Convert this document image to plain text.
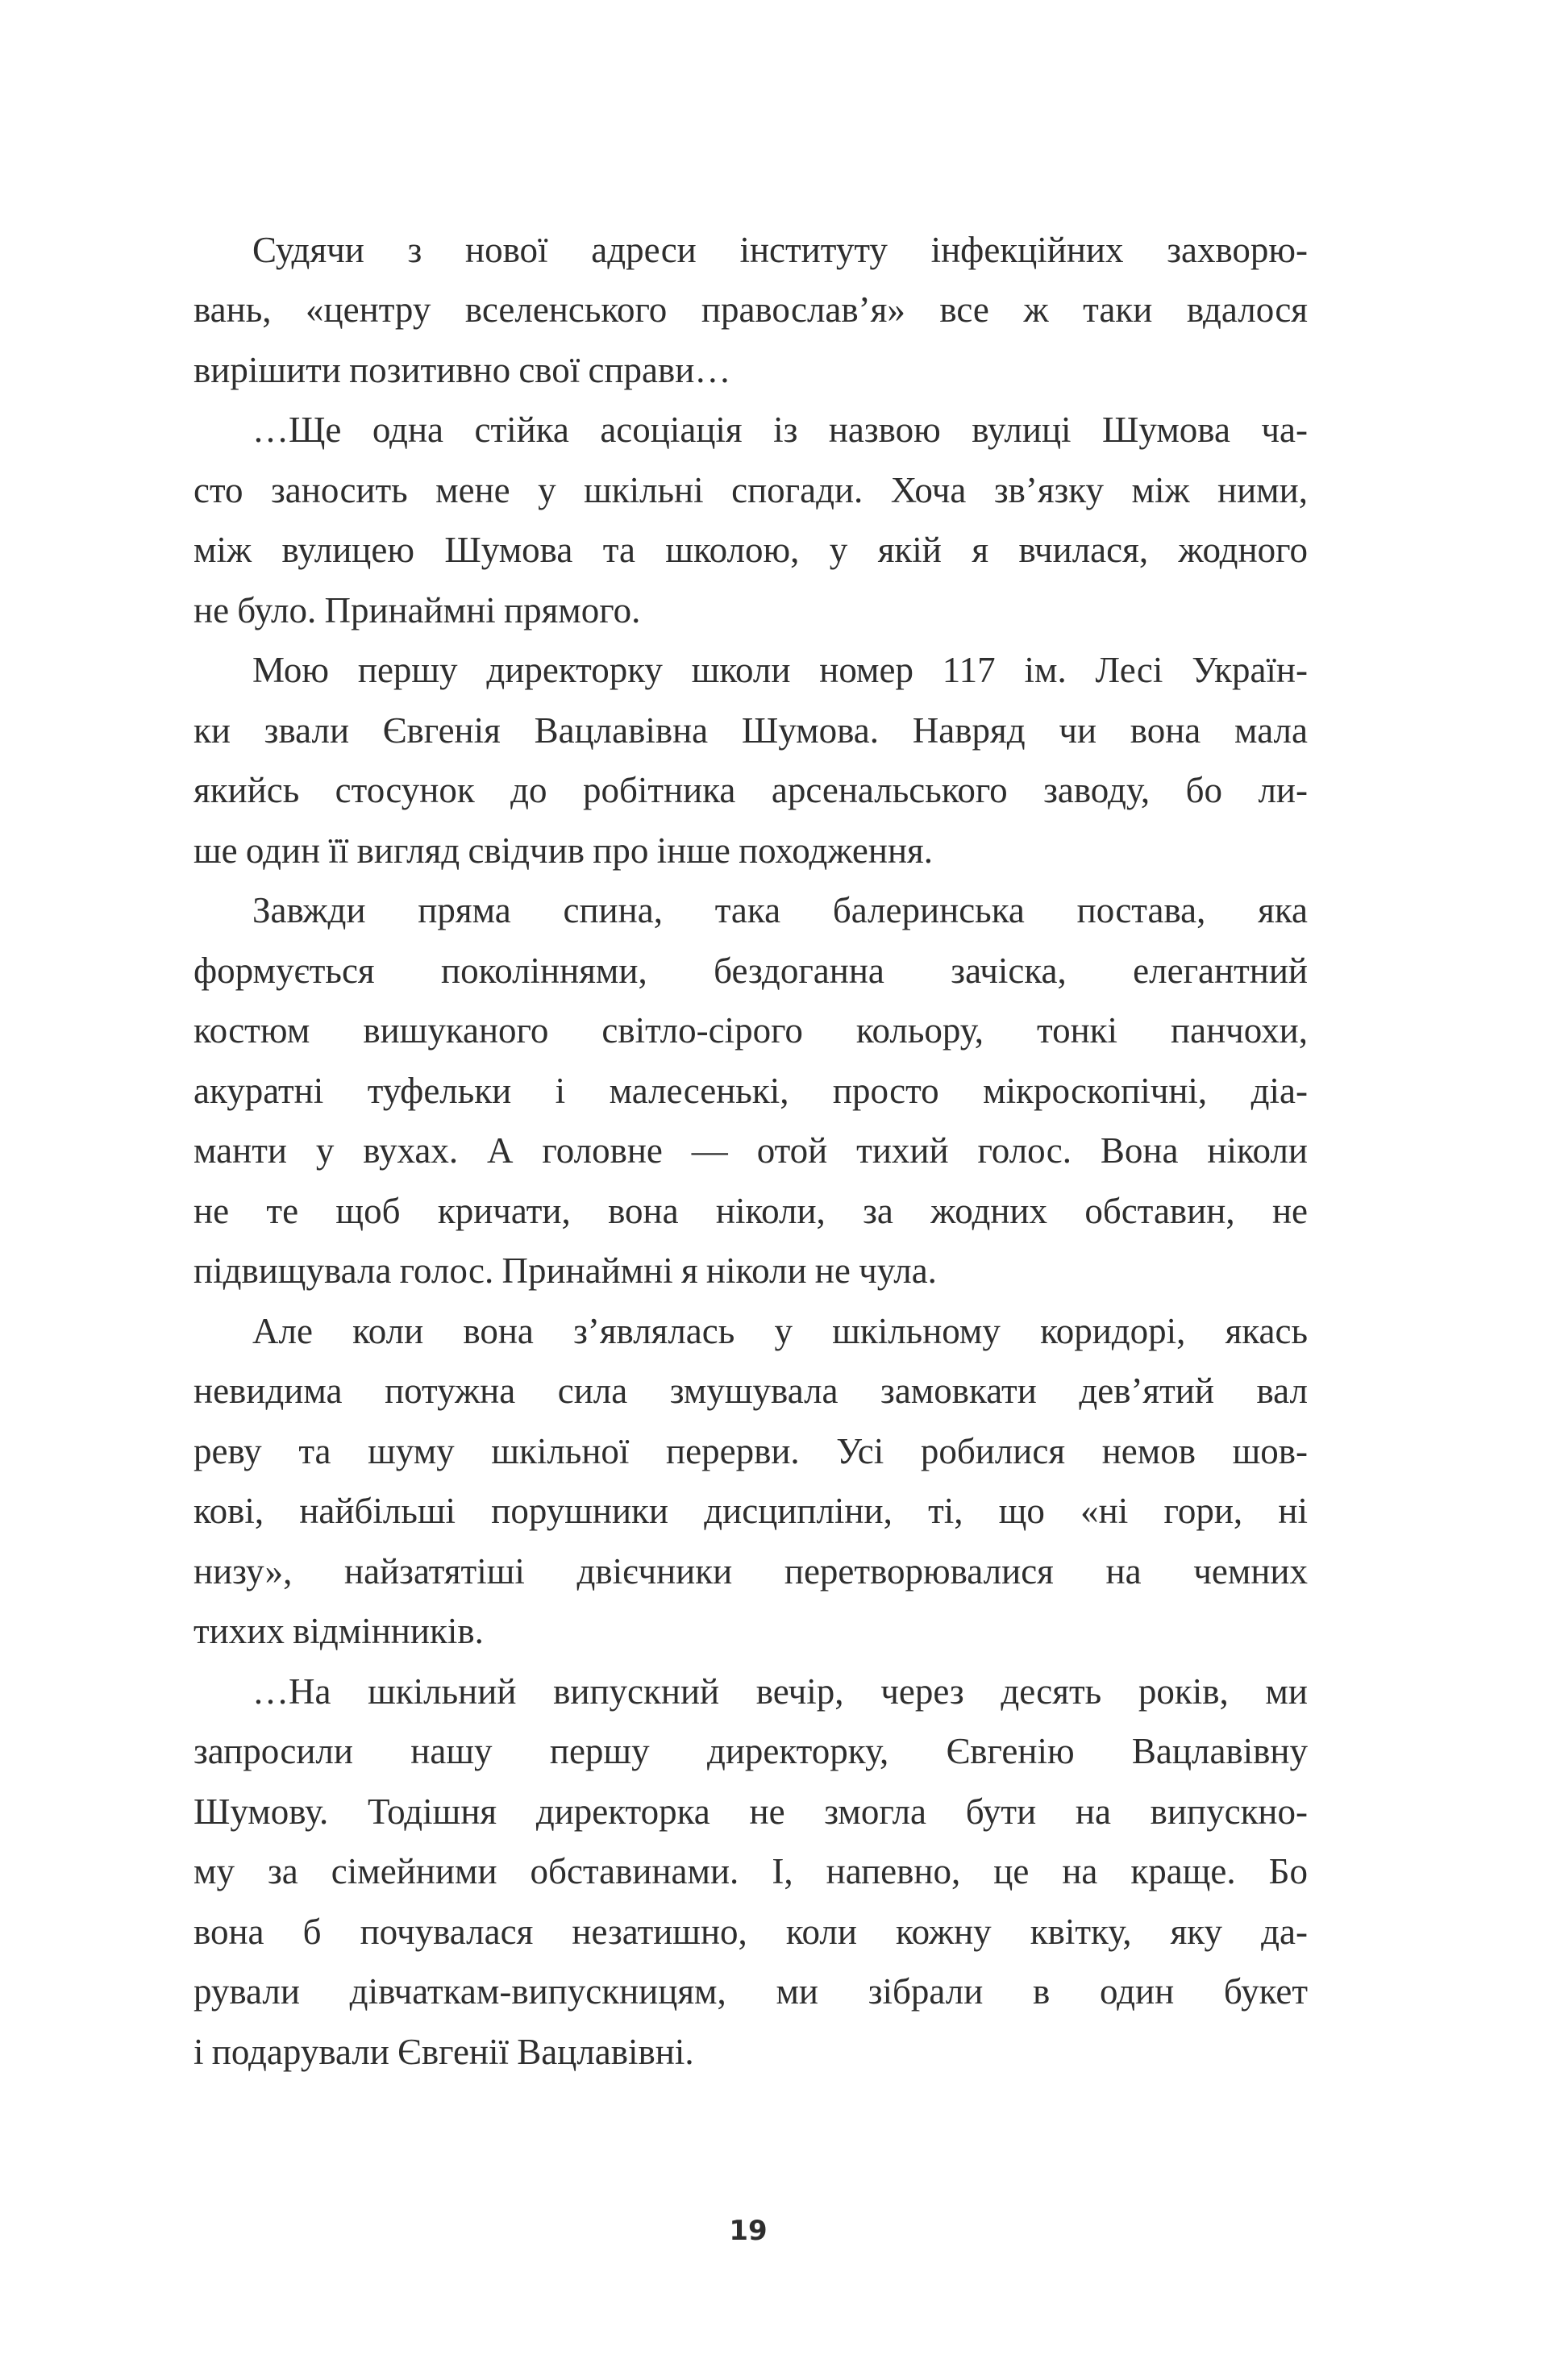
Судячи з нової адреси інституту інфекційних захворю-
вань, «центру вселенського православ’я» все ж таки вдалося
вирішити позитивно свої справи…
…Ще одна стійка асоціація із назвою вулиці Шумова ча-
сто заносить мене у шкільні спогади. Хоча зв’язку між ними,
між вулицею Шумова та школою, у якій я вчилася, жодного
не було. Принаймні прямого.
Мою першу директорку школи номер 117 ім. Лесі Україн-
ки звали Євгенія Вацлавівна Шумова. Навряд чи вона мала
якийсь стосунок до робітника арсенальського заводу, бо ли-
ше один її вигляд свідчив про інше походження.
Завжди пряма спина, така балеринська постава, яка
формується поколіннями, бездоганна зачіска, елегантний
костюм вишуканого світло-сірого кольору, тонкі панчохи,
акуратні туфельки і малесенькі, просто мікроскопічні, діа-
манти у вухах. А головне — отой тихий голос. Вона ніколи
не те щоб кричати, вона ніколи, за жодних обставин, не
підвищувала голос. Принаймні я ніколи не чула.
Але коли вона з’являлась у шкільному коридорі, якась
невидима потужна сила змушувала замовкати дев’ятий вал
реву та шуму шкільної перерви. Усі робилися немов шов-
кові, найбільші порушники дисципліни, ті, що «ні гори, ні
низу», найзатятіші двієчники перетворювалися на чемних
тихих відмінників.
…На шкільний випускний вечір, через десять років, ми
запросили нашу першу директорку, Євгенію Вацлавівну
Шумову. Тодішня директорка не змогла бути на випускно-
му за сімейними обставинами. І, напевно, це на краще. Бо
вона б почувалася незатишно, коли кожну квітку, яку да-
рували дівчаткам-випускницям, ми зібрали в один букет
і подарували Євгенії Вацлавівні.
19
